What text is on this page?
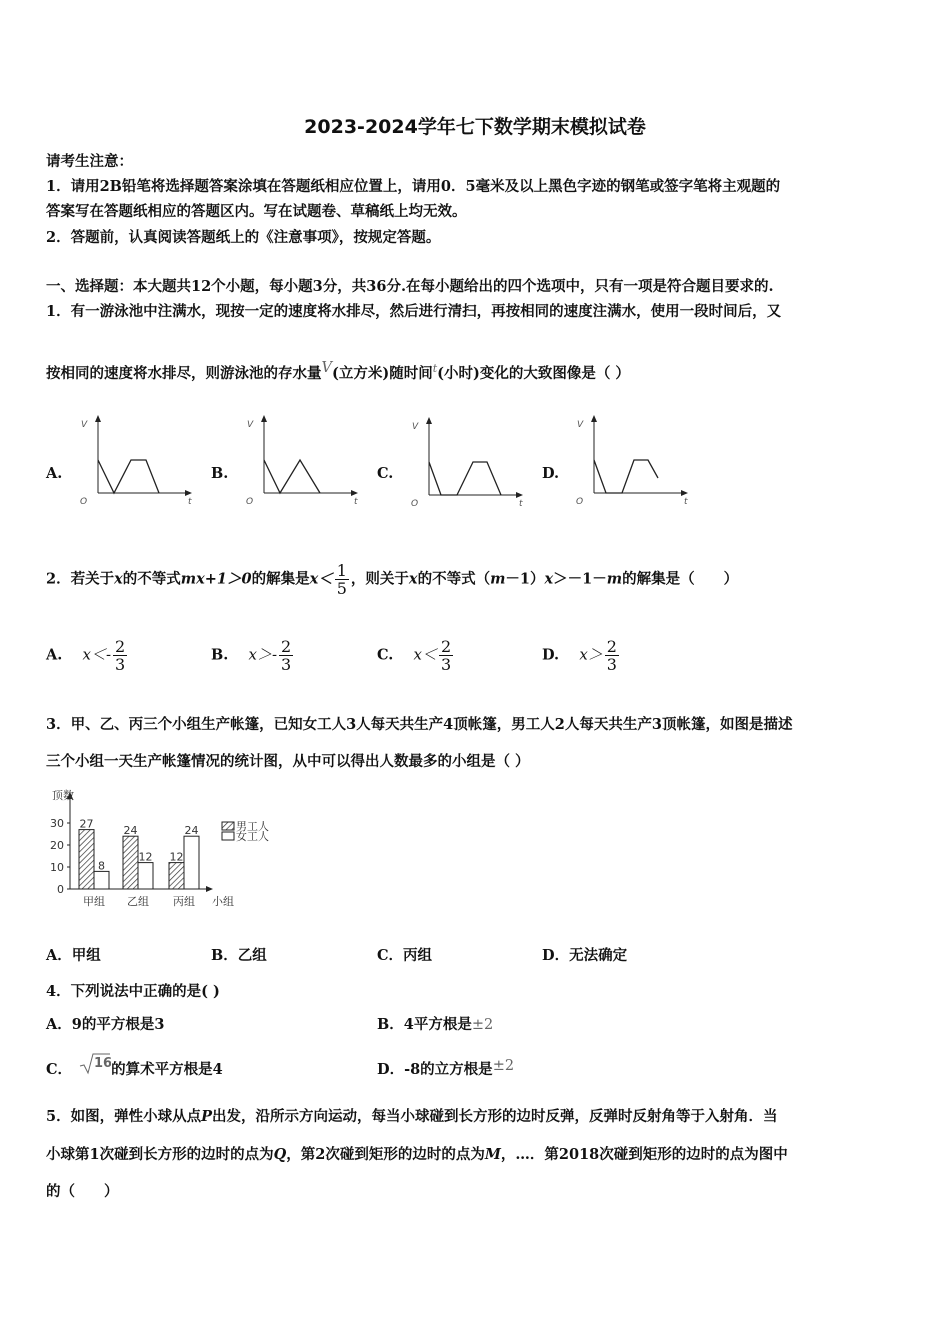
2023-2024学年七下数学期末模拟试卷
请考生注意：
1．请用2B铅笔将选择题答案涂填在答题纸相应位置上，请用0．5毫米及以上黑色字迹的钢笔或签字笔将主观题的
答案写在答题纸相应的答题区内。写在试题卷、草稿纸上均无效。
2．答题前，认真阅读答题纸上的《注意事项》，按规定答题。
一、选择题：本大题共12个小题，每小题3分，共36分.在每小题给出的四个选项中，只有一项是符合题目要求的.
1．有一游泳池中注满水，现按一定的速度将水排尽，然后进行清扫，再按相同的速度注满水，使用一段时间后，又
按相同的速度将水排尽，则游泳池的存水量V(立方米)随时间$^t$(小时)变化的大致图像是（ ）
A.	B.	C.	D.
V
O	t
V
O	t
V
O	t
V
O	t
2．若关于x的不等式mx+1＞0的解集是$x< \frac{1}{5}$ ，则关于x的不等式（m－1）x＞－1－m的解集是（　　）
A. $x<- \frac{2}{3}$	B. $x>- \frac{2}{3}$	C. $x< \frac{2}{3}$	D. $x> \frac{2}{3}$
3．甲、乙、丙三个小组生产帐篷，已知女工人3人每天共生产4顶帐篷，男工人2人每天共生产3顶帐篷，如图是描述
三个小组一天生产帐篷情况的统计图，从中可以得出人数最多的小组是（ ）
顶数
小组
0
10
20
30 27
8
甲组
24
12
乙组
12
24
丙组
男工人
女工人
A．甲组	B．乙组	C．丙组	D．无法确定
4．下列说法中正确的是( )
A．9的平方根是3	B．4平方根是±2
C． 16
的算术平方根是4	D．-8的立方根是±2
5．如图，弹性小球从点P出发，沿所示方向运动，每当小球碰到长方形的边时反弹，反弹时反射角等于入射角．当
小球第1次碰到长方形的边时的点为Q，第2次碰到矩形的边时的点为M，…．第2018次碰到矩形的边时的点为图中
的（　　）
